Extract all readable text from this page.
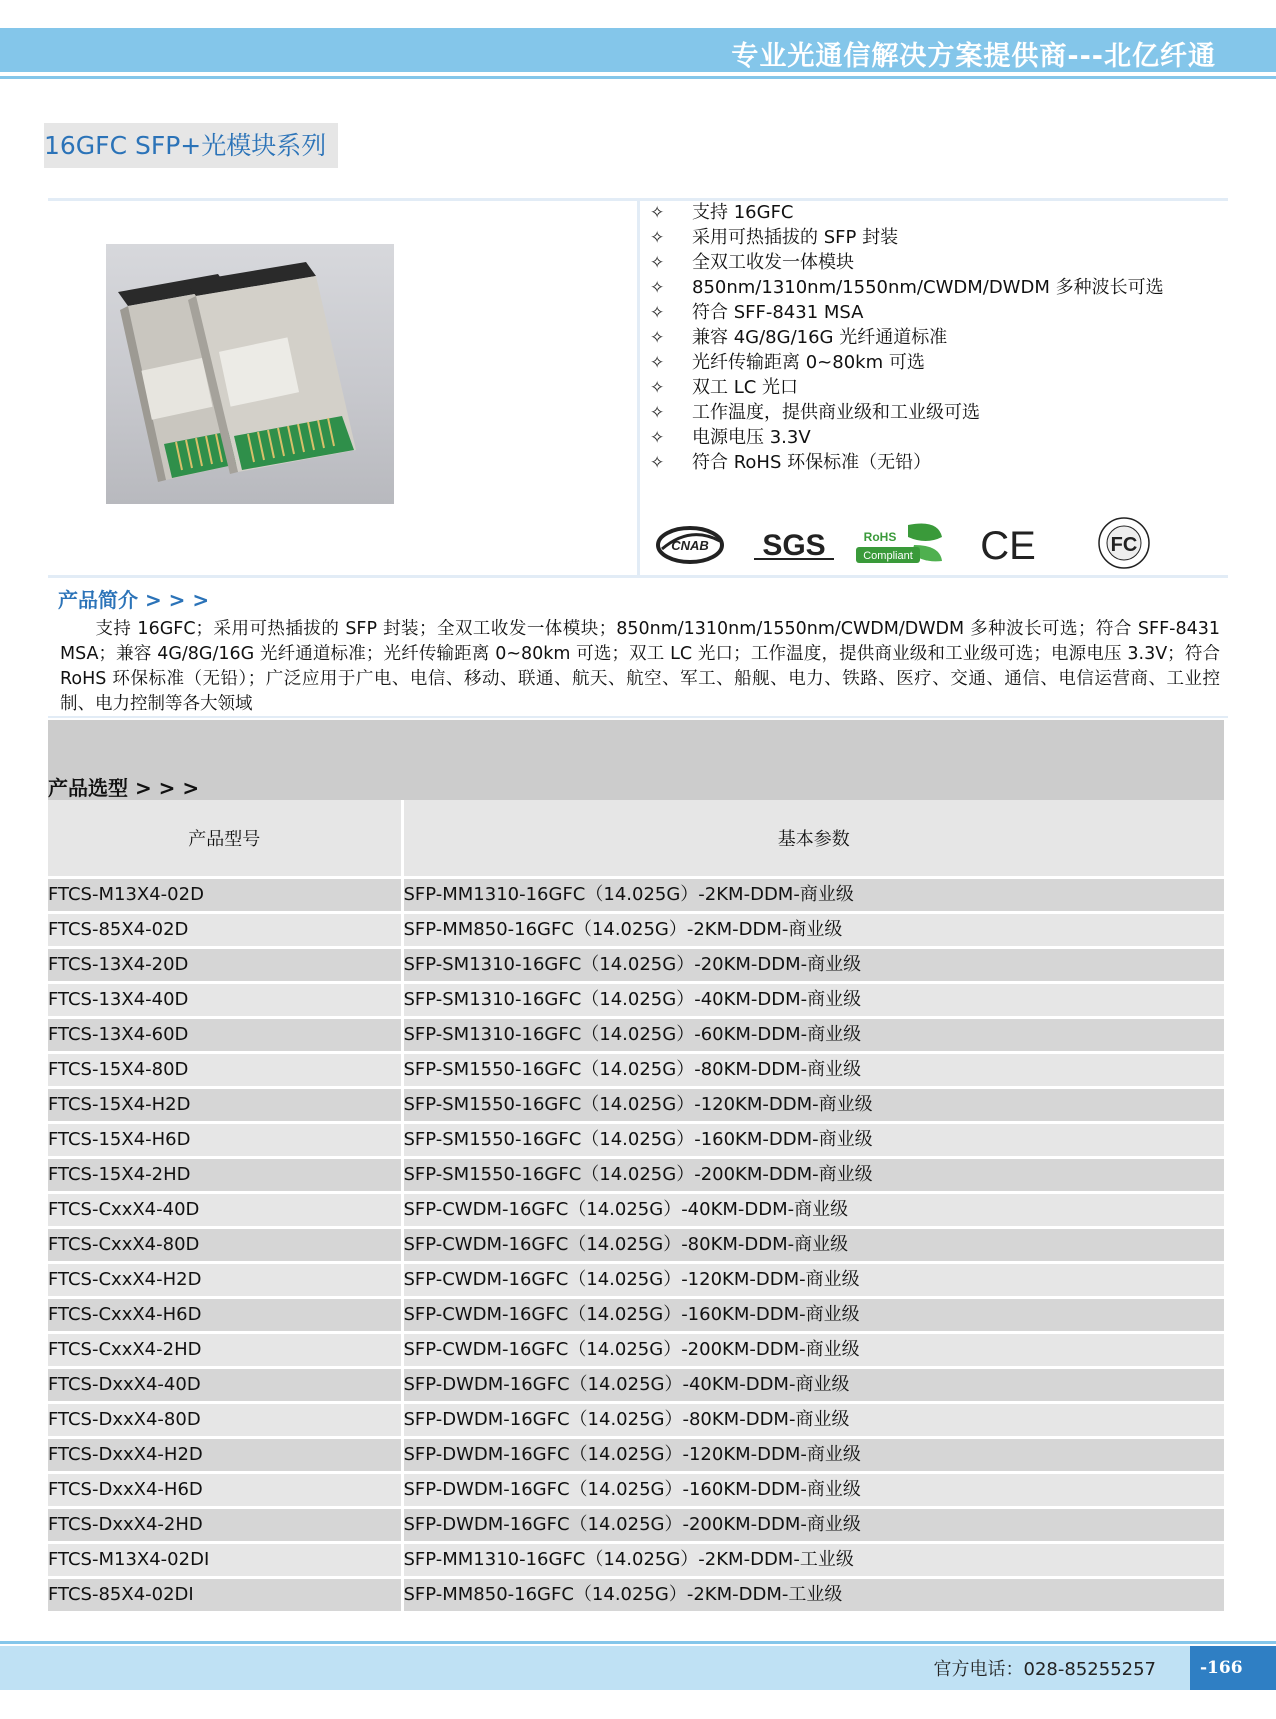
专业光通信解决方案提供商---北亿纤通
16GFC SFP+光模块系列
✧ 支持 16GFC
✧ 采用可热插拔的 SFP 封装
✧ 全双工收发一体模块
✧ 850nm/1310nm/1550nm/CWDM/DWDM 多种波长可选
✧ 符合 SFF-8431 MSA
✧ 兼容 4G/8G/16G 光纤通道标准
✧ 光纤传输距离 0~80km 可选
✧ 双工 LC 光口
✧ 工作温度，提供商业级和工业级可选
✧ 电源电压 3.3V
✧ 符合 RoHS 环保标准（无铅）
CNAB SGS	RoHS
Compliant CE	FC
产品简介 > > >
  支持 16GFC；采用可热插拔的 SFP 封装；全双工收发一体模块；850nm/1310nm/1550nm/CWDM/DWDM 多种波长可选；符合 SFF-8431 MSA；兼容 4G/8G/16G 光纤通道标准；光纤传输距离 0~80km 可选；双工 LC 光口；工作温度，提供商业级和工业级可选；电源电压 3.3V；符合 RoHS 环保标准（无铅）；广泛应用于广电、电信、移动、联通、航天、航空、军工、船舰、电力、铁路、医疗、交通、通信、电信运营商、工业控制、电力控制等各大领域
产品选型 > > >
产品型号	基本参数
FTCS-M13X4-02D	SFP-MM1310-16GFC（14.025G）-2KM-DDM-商业级
FTCS-85X4-02D	SFP-MM850-16GFC（14.025G）-2KM-DDM-商业级
FTCS-13X4-20D	SFP-SM1310-16GFC（14.025G）-20KM-DDM-商业级
FTCS-13X4-40D	SFP-SM1310-16GFC（14.025G）-40KM-DDM-商业级
FTCS-13X4-60D	SFP-SM1310-16GFC（14.025G）-60KM-DDM-商业级
FTCS-15X4-80D	SFP-SM1550-16GFC（14.025G）-80KM-DDM-商业级
FTCS-15X4-H2D	SFP-SM1550-16GFC（14.025G）-120KM-DDM-商业级
FTCS-15X4-H6D	SFP-SM1550-16GFC（14.025G）-160KM-DDM-商业级
FTCS-15X4-2HD	SFP-SM1550-16GFC（14.025G）-200KM-DDM-商业级
FTCS-CxxX4-40D	SFP-CWDM-16GFC（14.025G）-40KM-DDM-商业级
FTCS-CxxX4-80D	SFP-CWDM-16GFC（14.025G）-80KM-DDM-商业级
FTCS-CxxX4-H2D	SFP-CWDM-16GFC（14.025G）-120KM-DDM-商业级
FTCS-CxxX4-H6D	SFP-CWDM-16GFC（14.025G）-160KM-DDM-商业级
FTCS-CxxX4-2HD	SFP-CWDM-16GFC（14.025G）-200KM-DDM-商业级
FTCS-DxxX4-40D	SFP-DWDM-16GFC（14.025G）-40KM-DDM-商业级
FTCS-DxxX4-80D	SFP-DWDM-16GFC（14.025G）-80KM-DDM-商业级
FTCS-DxxX4-H2D	SFP-DWDM-16GFC（14.025G）-120KM-DDM-商业级
FTCS-DxxX4-H6D	SFP-DWDM-16GFC（14.025G）-160KM-DDM-商业级
FTCS-DxxX4-2HD	SFP-DWDM-16GFC（14.025G）-200KM-DDM-商业级
FTCS-M13X4-02DI	SFP-MM1310-16GFC（14.025G）-2KM-DDM-工业级
FTCS-85X4-02DI	SFP-MM850-16GFC（14.025G）-2KM-DDM-工业级
官方电话：028-85255257	-166
